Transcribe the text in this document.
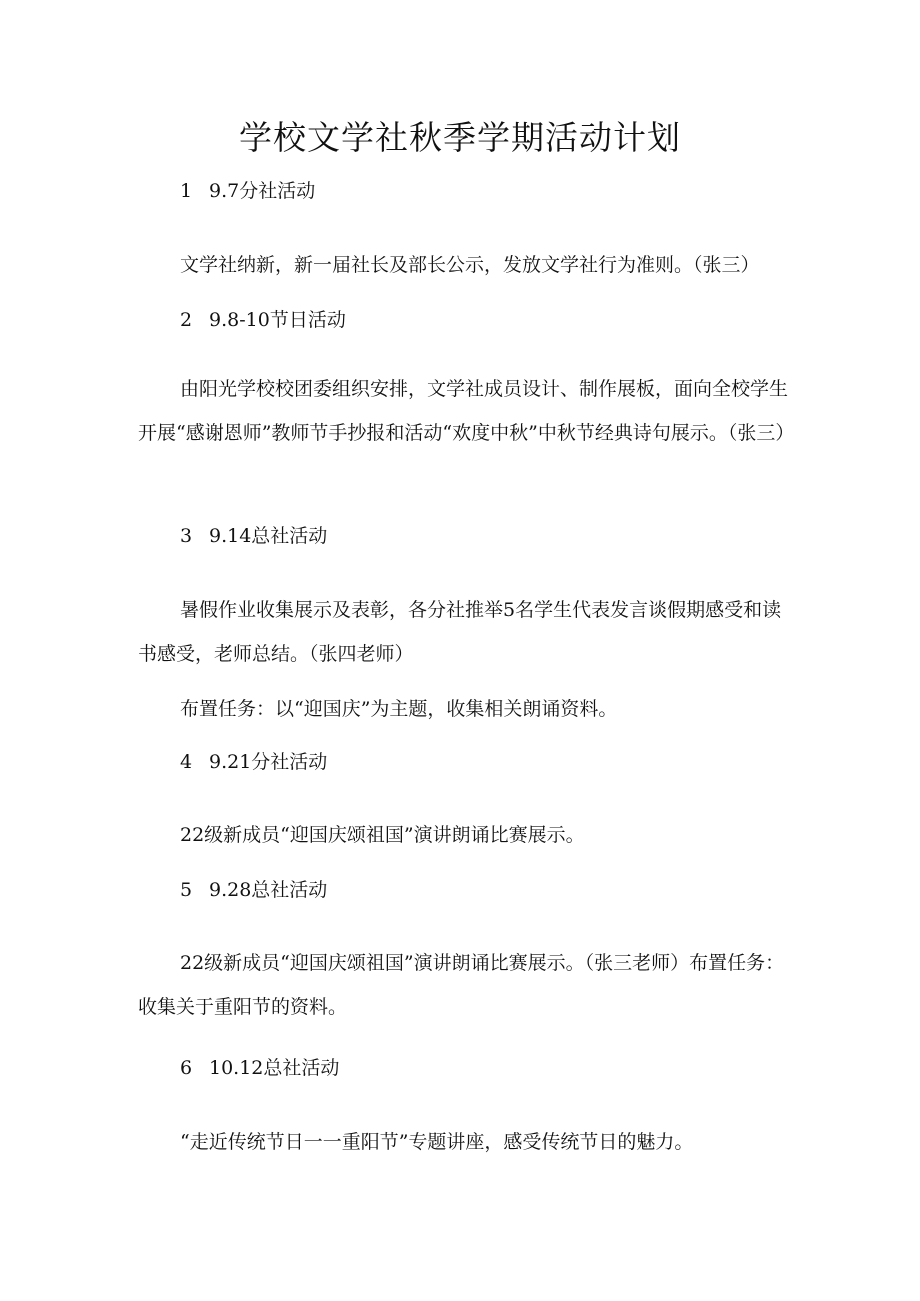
学校文学社秋季学期活动计划
1 9.7分社活动
文学社纳新，新一届社长及部长公示，发放文学社行为准则。（张三）
2 9.8-10节日活动
由阳光学校校团委组织安排，文学社成员设计、制作展板，面向全校学生开展“感谢恩师”教师节手抄报和活动“欢度中秋”中秋节经典诗句展示。（张三）
3 9.14总社活动
暑假作业收集展示及表彰，各分社推举5名学生代表发言谈假期感受和读书感受，老师总结。（张四老师）
布置任务：以“迎国庆”为主题，收集相关朗诵资料。
4 9.21分社活动
22级新成员“迎国庆颂祖国”演讲朗诵比赛展示。
5 9.28总社活动
22级新成员“迎国庆颂祖国”演讲朗诵比赛展示。（张三老师）布置任务：收集关于重阳节的资料。
6 10.12总社活动
“走近传统节日一一重阳节”专题讲座，感受传统节日的魅力。
